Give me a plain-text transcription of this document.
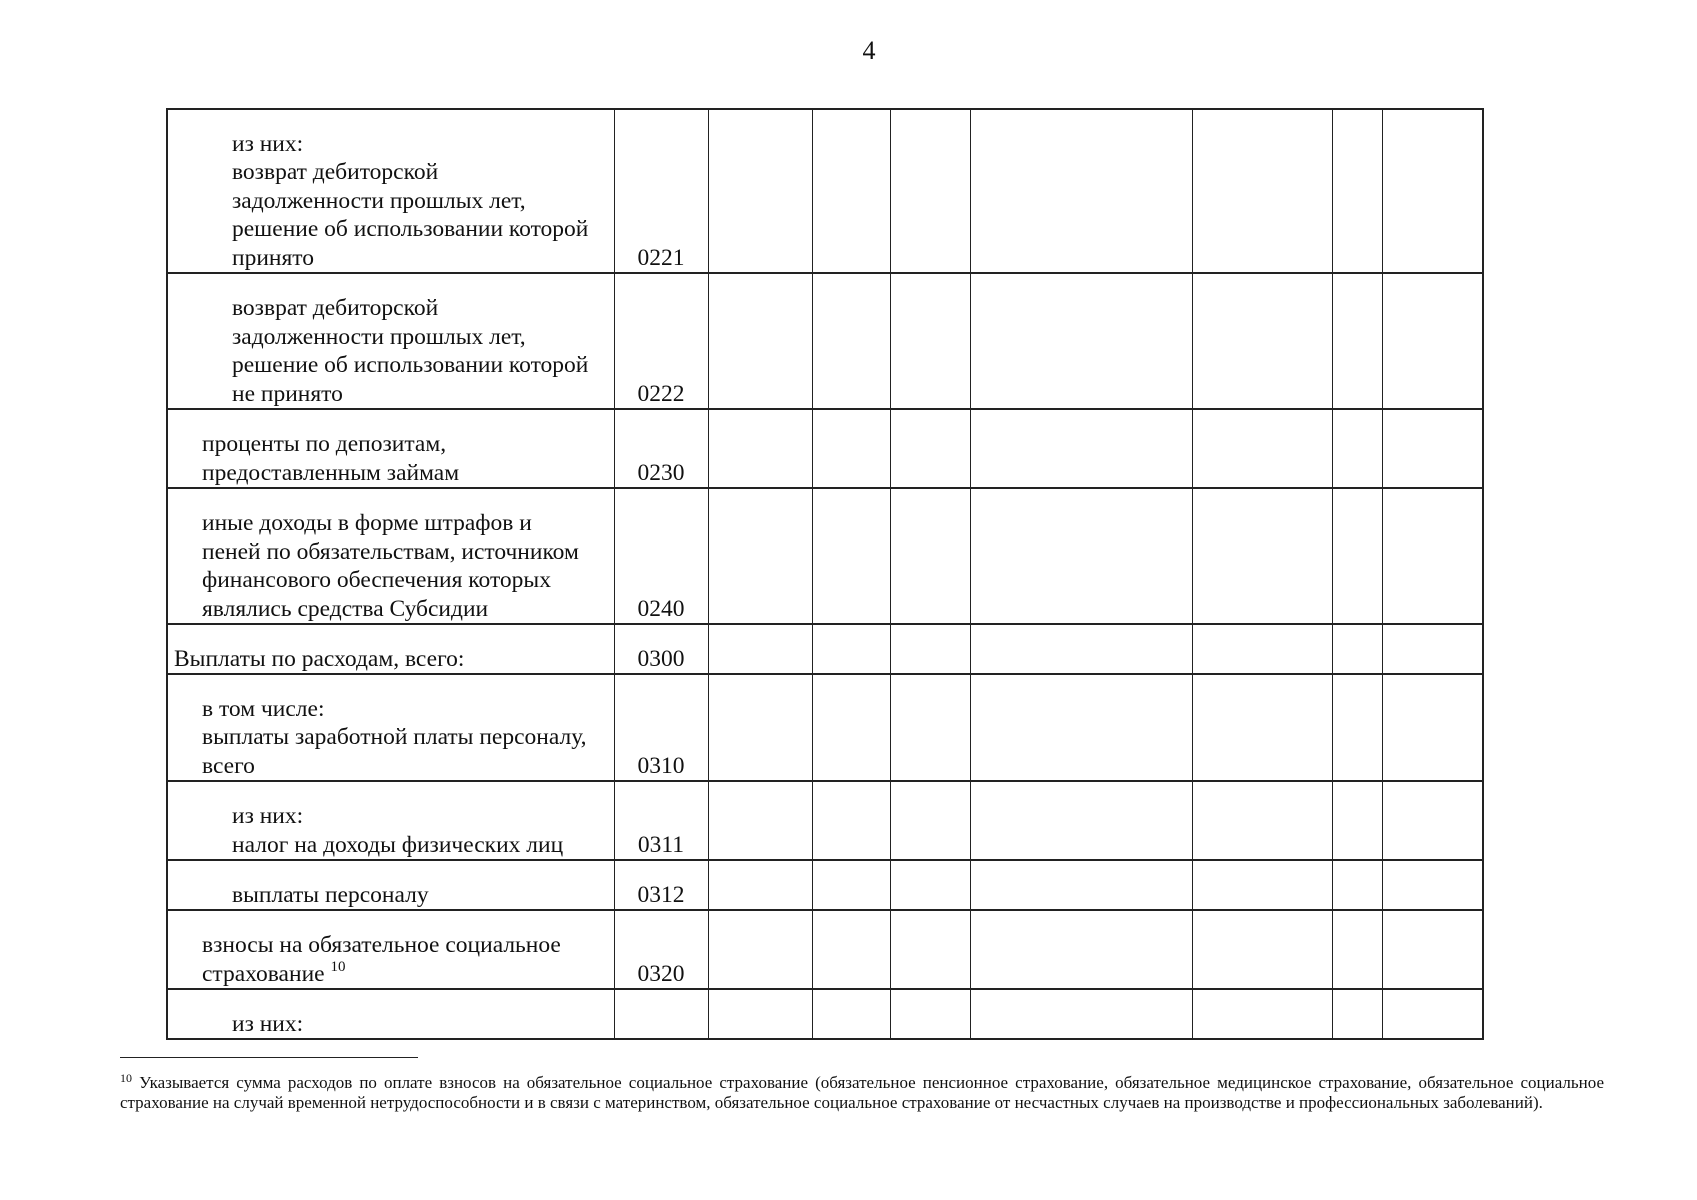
4
из них:
возврат дебиторской
задолженности прошлых лет,
решение об использовании которой
принято	0221							

возврат дебиторской
задолженности прошлых лет,
решение об использовании которой
не принято	0222							

проценты по депозитам,
предоставленным займам	0230							

иные доходы в форме штрафов и
пеней по обязательствам, источником
финансового обеспечения которых
являлись средства Субсидии	0240							

Выплаты по расходам, всего:	0300							

в том числе:
выплаты заработной платы персоналу,
всего	0310							

из них:
налог на доходы физических лиц	0311							

выплаты персоналу	0312							

взносы на обязательное социальное
страхование $^{10}$	0320							

из них:								

$^{10}$ Указывается сумма расходов по оплате взносов на обязательное социальное страхование (обязательное пенсионное страхование, обязательное медицинское страхование, обязательное социальное страхование на случай временной нетрудоспособности и в связи с материнством, обязательное социальное страхование от несчастных случаев на производстве и профессиональных заболеваний).
